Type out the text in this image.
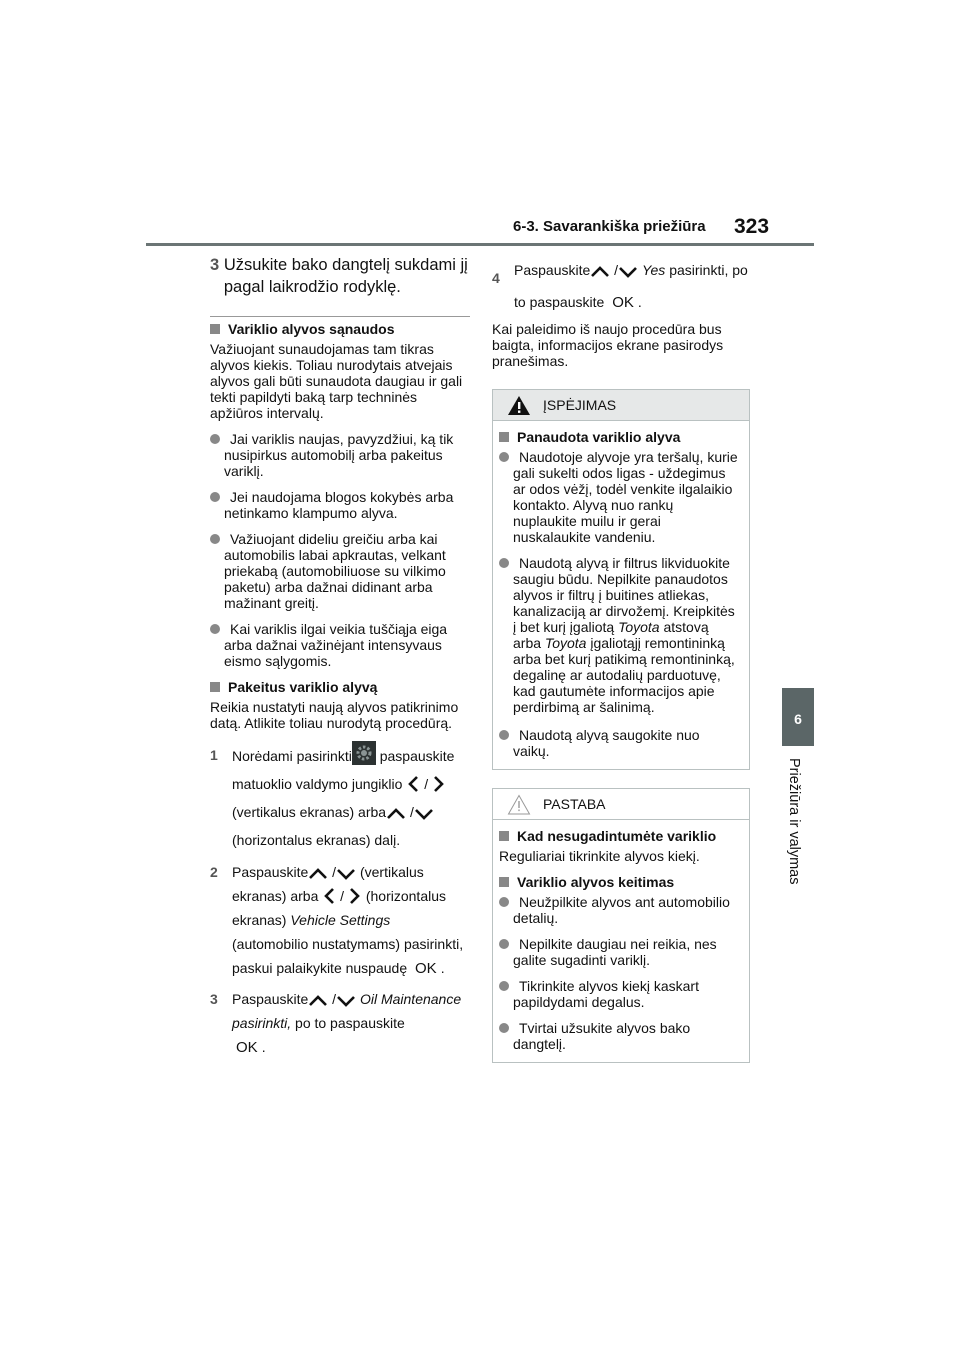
6-3. Savarankiška priežiūra 323
6
Priežiūra ir valymas
3 Užsukite bako dangtelį sukdami jį pagal laikrodžio rodyklę.
Variklio alyvos sąnaudos

Važiuojant sunaudojamas tam tikras alyvos kiekis. Toliau nurodytais atvejais alyvos gali būti sunaudota daugiau ir gali tekti papildyti baką tarp techninės apžiūros intervalų.

Jai variklis naujas, pavyzdžiui, ką tik nusipirkus automobilį arba pakeitus variklį.
Jei naudojama blogos kokybės arba netinkamo klampumo alyva.
Važiuojant dideliu greičiu arba kai automobilis labai apkrautas, velkant priekabą (automobiliuose su vilkimo paketu) arba dažnai didinant arba mažinant greitį.
Kai variklis ilgai veikia tuščiąja eiga arba dažnai važinėjant intensyvaus eismo sąlygomis.
Pakeitus variklio alyvą

Reikia nustatyti naują alyvos patikrinimo datą. Atlikite toliau nurodytą procedūrą.

1	Norėdami pasirinkti paspauskite matuoklio valdymo jungiklio /  (vertikalus ekranas) arba / (horizontalus ekranas) dalį.
2	Paspauskite / (vertikalus ekranas) arba / (horizontalus ekranas) Vehicle Settings (automobilio nustatymams) pasirinkti, paskui palaikykite nuspaudę OK .
3	Paspauskite / Oil Maintenance pasirinkti, po to paspauskite
OK .
4	Paspauskite / Yes pasirinkti, po to paspauskite OK .

Kai paleidimo iš naujo procedūra bus baigta, informacijos ekrane pasirodys pranešimas.

ĮSPĖJIMAS
Panaudota variklio alyva
Naudotoje alyvoje yra teršalų, kurie gali sukelti odos ligas - uždegimus ar odos vėžį, todėl venkite ilgalaikio kontakto. Alyvą nuo rankų nuplaukite muilu ir gerai nuskalaukite vandeniu.
Naudotą alyvą ir filtrus likviduokite saugiu būdu. Nepilkite panaudotos alyvos ir filtrų į buitines atliekas, kanalizaciją ar dirvožemį. Kreipkitės į bet kurį įgaliotą Toyota atstovą arba Toyota įgaliotąjį remontininką arba bet kurį patikimą remontininką, degalinę ar autodalių parduotuvę, kad gautumėte informacijos apie perdirbimą ar šalinimą.
Naudotą alyvą saugokite nuo vaikų.
PASTABA
Kad nesugadintumėte variklio

Reguliariai tikrinkite alyvos kiekį.

Variklio alyvos keitimas
Neužpilkite alyvos ant automobilio detalių.
Nepilkite daugiau nei reikia, nes galite sugadinti variklį.
Tikrinkite alyvos kiekį kaskart papildydami degalus.
Tvirtai užsukite alyvos bako dangtelį.
